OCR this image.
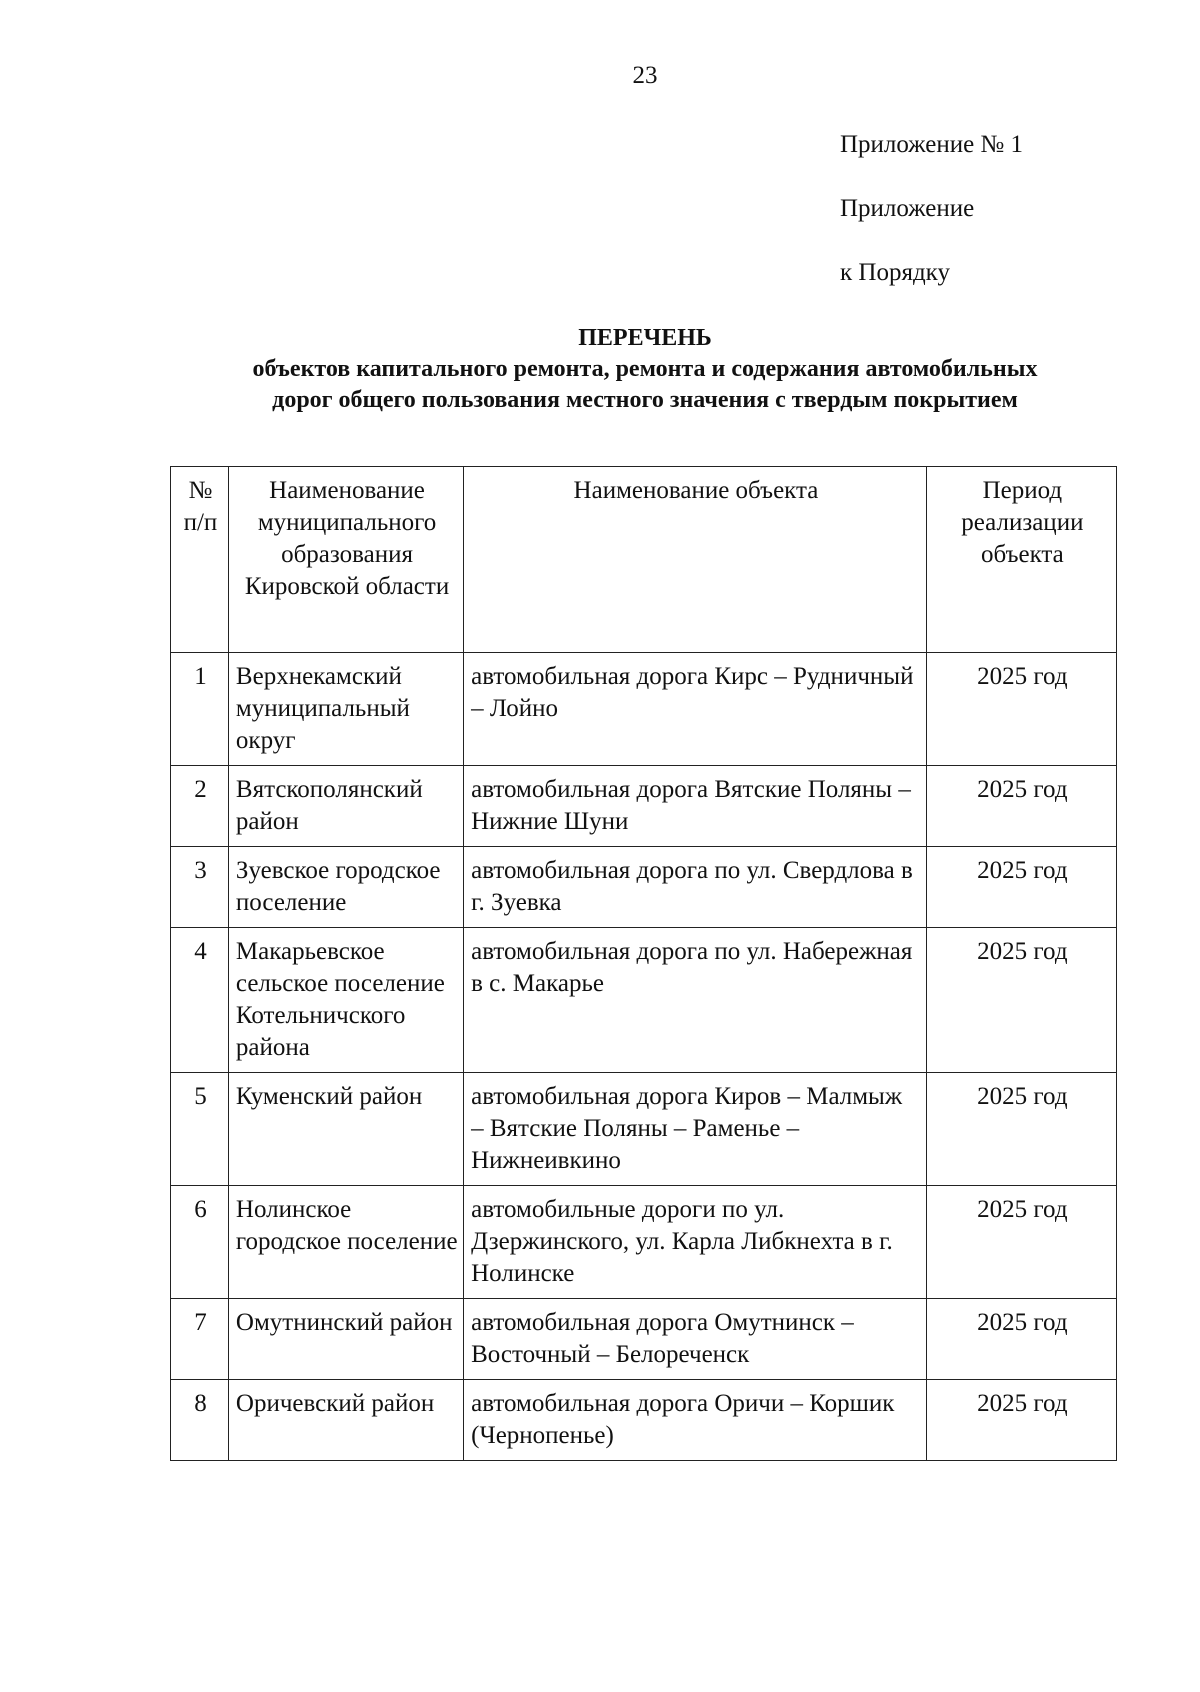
23
Приложение № 1
Приложение
к Порядку
ПЕРЕЧЕНЬ
объектов капитального ремонта, ремонта и содержания автомобильных
дорог общего пользования местного значения с твердым покрытием
№ п/п	Наименование муниципального образования Кировской области	Наименование объекта	Период реализации объекта
1	Верхнекамский муниципальный округ	автомобильная дорога Кирс – Рудничный – Лойно	2025 год
2	Вятскополянский район	автомобильная дорога Вятские Поляны – Нижние Шуни	2025 год
3	Зуевское городское поселение	автомобильная дорога по ул. Свердлова в г. Зуевка	2025 год
4	Макарьевское сельское поселение Котельничского района	автомобильная дорога по ул. Набережная в с. Макарье	2025 год
5	Куменский район	автомобильная дорога Киров – Малмыж – Вятские Поляны – Раменье – Нижнеивкино	2025 год
6	Нолинское городское поселение	автомобильные дороги по ул. Дзержинского, ул. Карла Либкнехта в г. Нолинске	2025 год
7	Омутнинский район	автомобильная дорога Омутнинск – Восточный – Белореченск	2025 год
8	Оричевский район	автомобильная дорога Оричи – Коршик (Чернопенье)	2025 год
